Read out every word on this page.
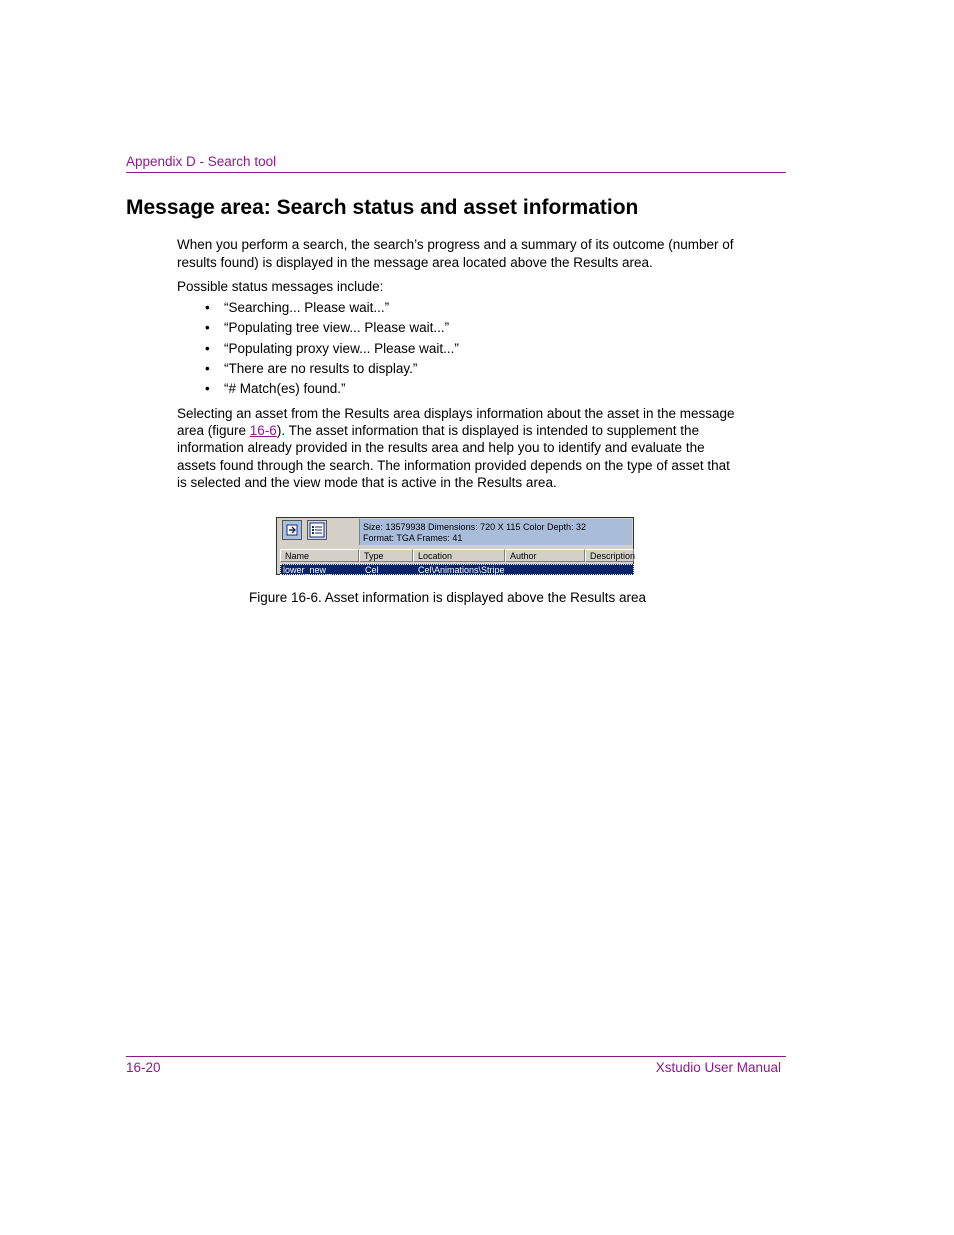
Appendix D - Search tool
Message area: Search status and asset information
When you perform a search, the search’s progress and a summary of its outcome (number of results found) is displayed in the message area located above the Results area.
Possible status messages include:
• “Searching... Please wait...”
• “Populating tree view... Please wait...”
• “Populating proxy view... Please wait...”
• “There are no results to display.”
• “# Match(es) found.”
Selecting an asset from the Results area displays information about the asset in the message area (figure 16-6). The asset information that is displayed is intended to supplement the information already provided in the results area and help you to identify and evaluate the assets found through the search. The information provided depends on the type of asset that is selected and the view mode that is active in the Results area.
Size: 13579938 Dimensions: 720 X 115 Color Depth: 32
Format: TGA Frames: 41
Name	Type	Location	Author	Description
lower_new_	Cel	Cel\Animations\Stripe
Figure 16-6. Asset information is displayed above the Results area
16-20	Xstudio User Manual
